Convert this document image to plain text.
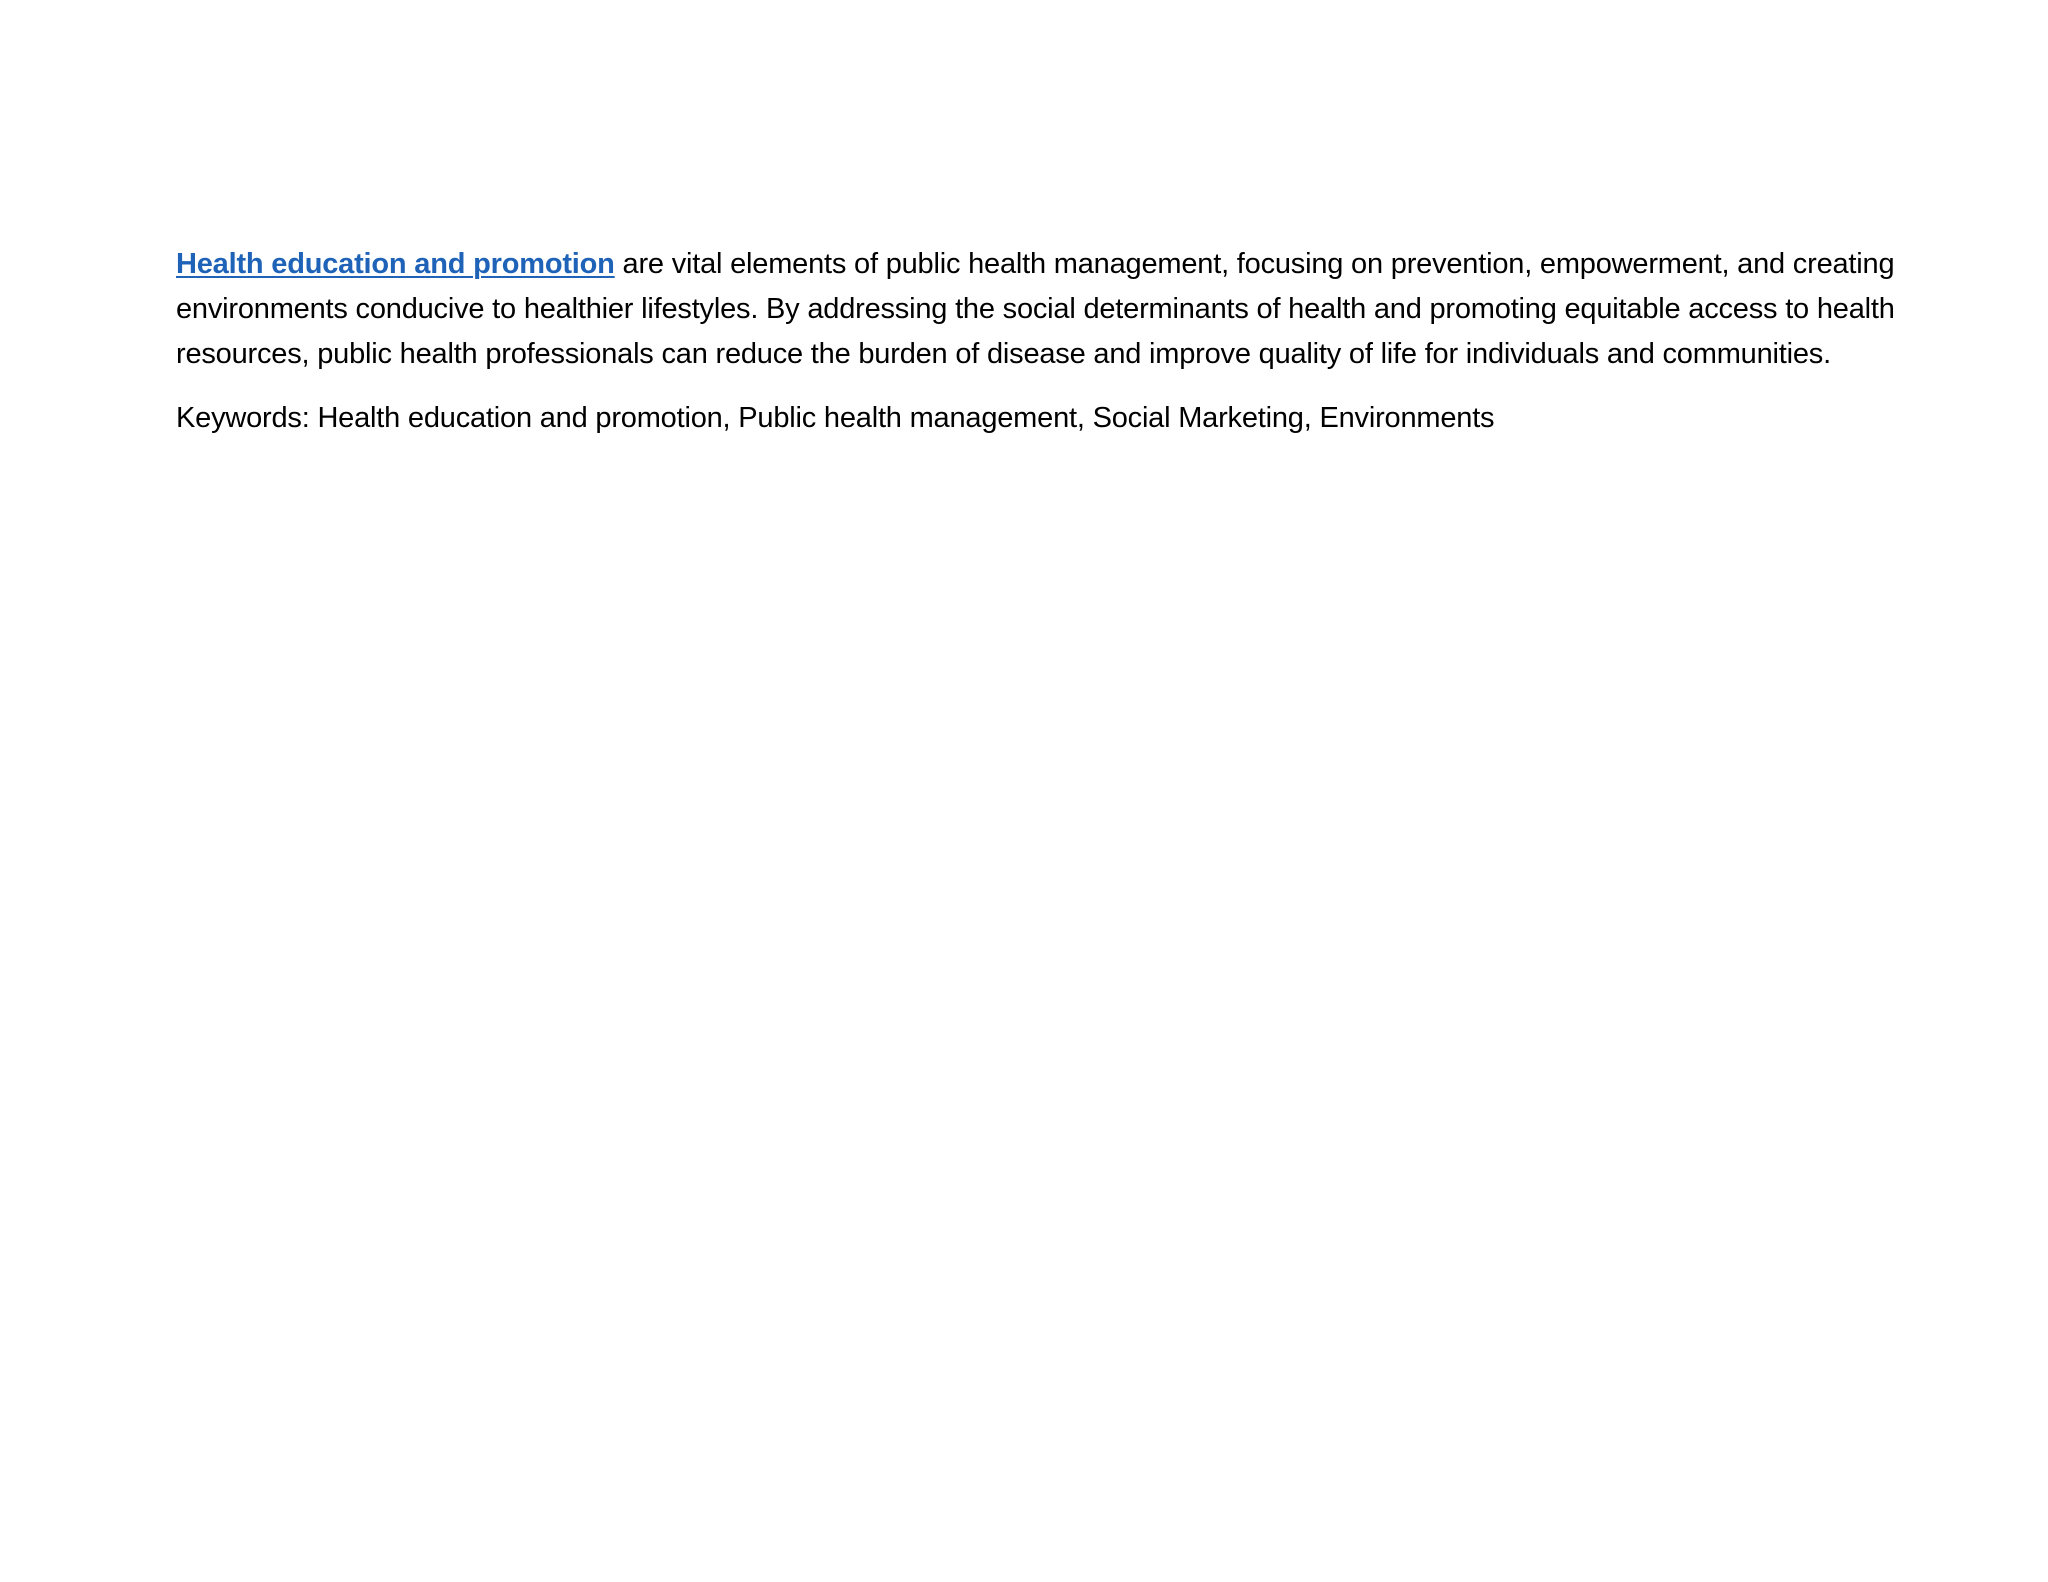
Health education and promotion are vital elements of public health management, focusing on prevention, empowerment, and creating environments conducive to healthier lifestyles. By addressing the social determinants of health and promoting equitable access to health resources, public health professionals can reduce the burden of disease and improve quality of life for individuals and communities.

Keywords: Health education and promotion, Public health management, Social Marketing, Environments
